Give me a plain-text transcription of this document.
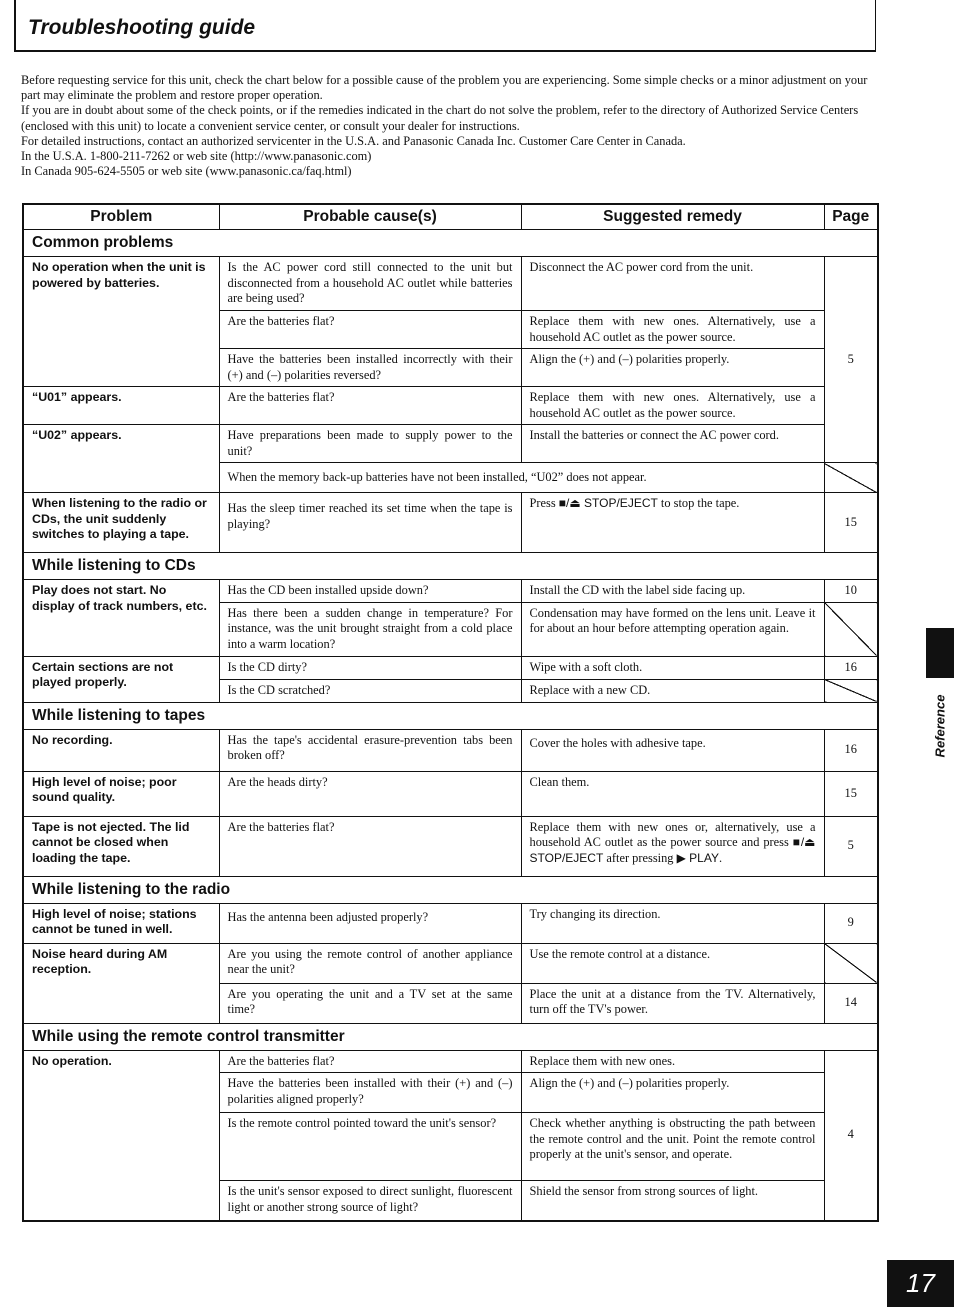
Troubleshooting guide

Before requesting service for this unit, check the chart below for a possible cause of the problem you are experiencing. Some simple checks or a minor adjustment on your part may eliminate the problem and restore proper operation.

If you are in doubt about some of the check points, or if the remedies indicated in the chart do not solve the problem, refer to the directory of Authorized Service Centers (enclosed with this unit) to locate a convenient service center, or consult your dealer for instructions.

For detailed instructions, contact an authorized servicenter in the U.S.A. and Panasonic Canada Inc. Customer Care Center in Canada.

In the U.S.A. 1-800-211-7262 or web site (http://www.panasonic.com)

In Canada 905-624-5505 or web site (www.panasonic.ca/faq.html)

Problem	Probable cause(s)	Suggested remedy	Page
Common problems			
No operation when the unit is powered by batteries.	Is the AC power cord still connected to the unit but disconnected from a household AC outlet while batteries are being used?	Disconnect the AC power cord from the unit.	5
	Are the batteries flat?	Replace them with new ones. Alternatively, use a household AC outlet as the power source.	
	Have the batteries been installed incorrectly with their (+) and (–) polarities reversed?	Align the (+) and (–) polarities properly.	
“U01” appears.	Are the batteries flat?	Replace them with new ones. Alternatively, use a household AC outlet as the power source.	
“U02” appears.	Have preparations been made to supply power to the unit?	Install the batteries or connect the AC power cord.	
	When the memory back-up batteries have not been installed, “U02” does not appear.		
When listening to the radio or CDs, the unit suddenly switches to playing a tape.	Has the sleep timer reached its set time when the tape is playing?	Press ■/⏏ STOP/EJECT to stop the tape.	15
While listening to CDs			
Play does not start. No display of track numbers, etc.	Has the CD been installed upside down?	Install the CD with the label side facing up.	10
	Has there been a sudden change in temperature? For instance, was the unit brought straight from a cold place into a warm location?	Condensation may have formed on the lens unit. Leave it for about an hour before attempting operation again.	
Certain sections are not played properly.	Is the CD dirty?	Wipe with a soft cloth.	16
	Is the CD scratched?	Replace with a new CD.	
While listening to tapes			
No recording.	Has the tape's accidental erasure-prevention tabs been broken off?	Cover the holes with adhesive tape.	16
High level of noise; poor sound quality.	Are the heads dirty?	Clean them.	15
Tape is not ejected. The lid cannot be closed when loading the tape.	Are the batteries flat?	Replace them with new ones or, alternatively, use a household AC outlet as the power source and press ■/⏏ STOP/EJECT after pressing ▶ PLAY.	5
While listening to the radio			
High level of noise; stations cannot be tuned in well.	Has the antenna been adjusted properly?	Try changing its direction.	9
Noise heard during AM reception.	Are you using the remote control of another appliance near the unit?	Use the remote control at a distance.	
	Are you operating the unit and a TV set at the same time?	Place the unit at a distance from the TV. Alternatively, turn off the TV's power.	14
While using the remote control transmitter			
No operation.	Are the batteries flat?	Replace them with new ones.	4
	Have the batteries been installed with their (+) and (–) polarities aligned properly?	Align the (+) and (–) polarities properly.	
	Is the remote control pointed toward the unit's sensor?	Check whether anything is obstructing the path between the remote control and the unit. Point the remote control properly at the unit's sensor, and operate.	
	Is the unit's sensor exposed to direct sunlight, fluorescent light or another strong source of light?	Shield the sensor from strong sources of light.	
Reference
17
